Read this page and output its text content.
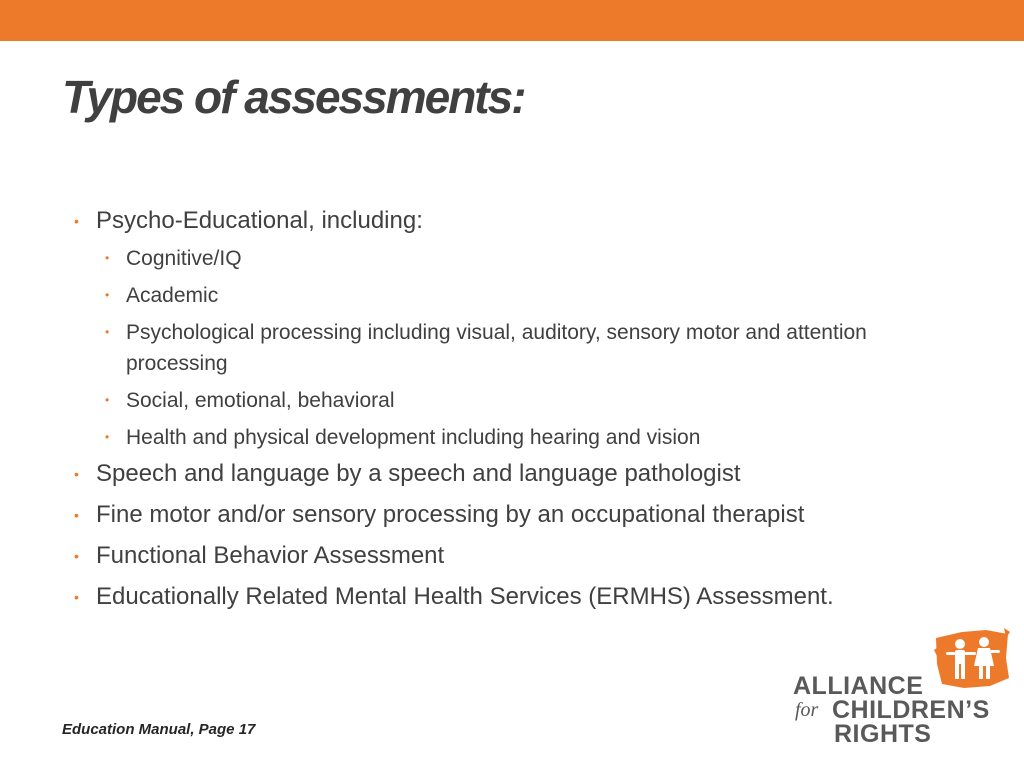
Types of assessments:
• Psycho-Educational, including:
• Cognitive/IQ
• Academic
• Psychological processing including visual, auditory, sensory motor and attention processing
• Social, emotional, behavioral
• Health and physical development including hearing and vision
• Speech and language by a speech and language pathologist
• Fine motor and/or sensory processing by an occupational therapist
• Functional Behavior Assessment
• Educationally Related Mental Health Services (ERMHS) Assessment.
Education Manual, Page 17
ALLIANCE
for CHILDREN’S
RIGHTS
